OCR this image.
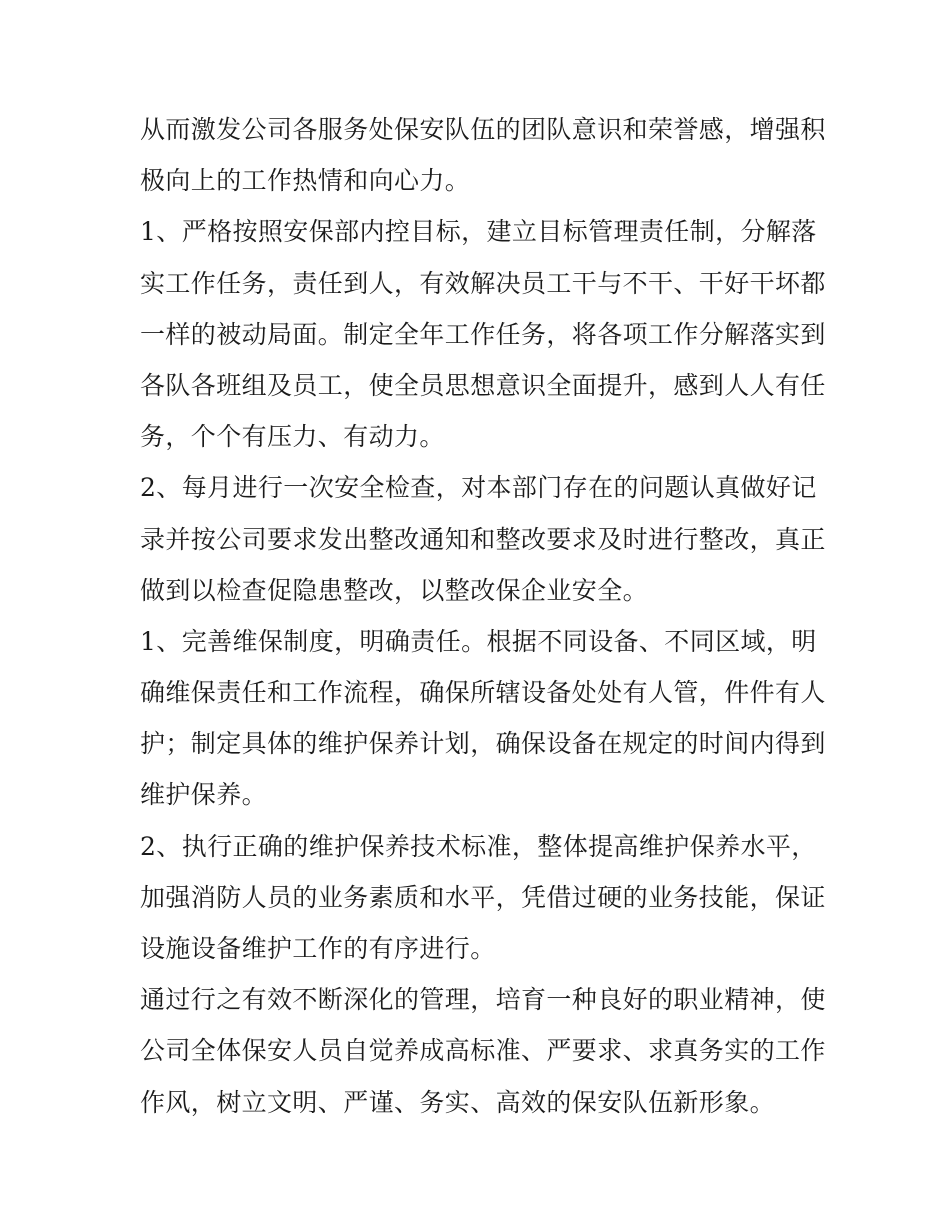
从而激发公司各服务处保安队伍的团队意识和荣誉感，增强积
极向上的工作热情和向心力。
1、严格按照安保部内控目标，建立目标管理责任制，分解落
实工作任务，责任到人，有效解决员工干与不干、干好干坏都
一样的被动局面。制定全年工作任务，将各项工作分解落实到
各队各班组及员工，使全员思想意识全面提升，感到人人有任
务，个个有压力、有动力。
2、每月进行一次安全检查，对本部门存在的问题认真做好记
录并按公司要求发出整改通知和整改要求及时进行整改，真正
做到以检查促隐患整改，以整改保企业安全。
1、完善维保制度，明确责任。根据不同设备、不同区域，明
确维保责任和工作流程，确保所辖设备处处有人管，件件有人
护；制定具体的维护保养计划，确保设备在规定的时间内得到
维护保养。
2、执行正确的维护保养技术标准，整体提高维护保养水平，
加强消防人员的业务素质和水平，凭借过硬的业务技能，保证
设施设备维护工作的有序进行。
通过行之有效不断深化的管理，培育一种良好的职业精神，使
公司全体保安人员自觉养成高标准、严要求、求真务实的工作
作风，树立文明、严谨、务实、高效的保安队伍新形象。
